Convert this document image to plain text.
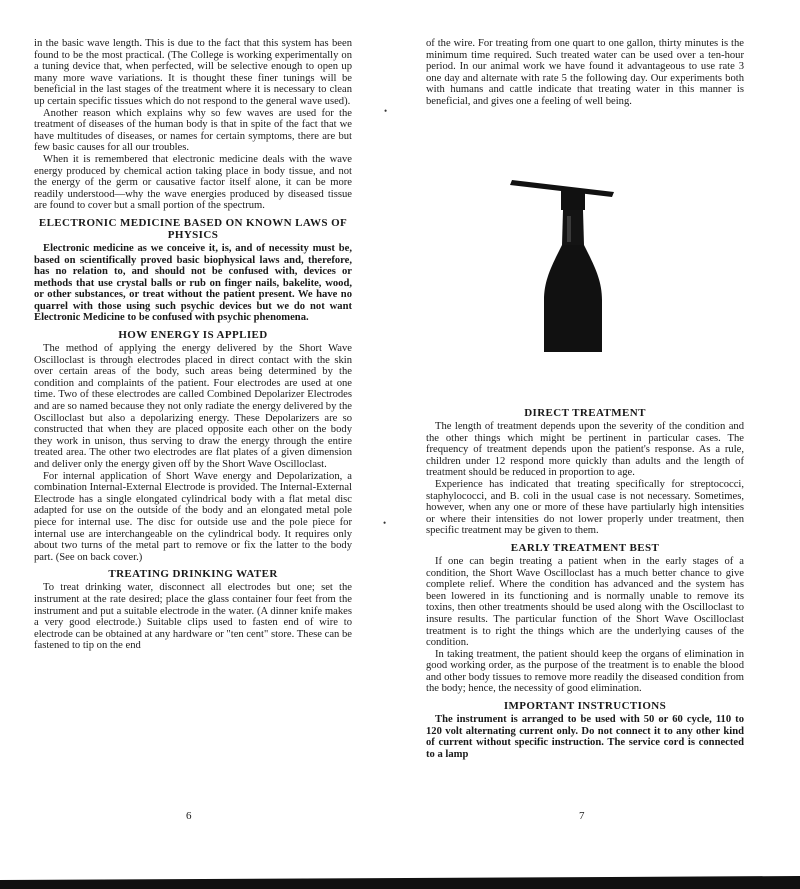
in the basic wave length. This is due to the fact that this system has been found to be the most practical. (The College is working experimentally on a tuning device that, when perfected, will be selective enough to open up many more wave variations. It is thought these finer tunings will be beneficial in the last stages of the treatment where it is necessary to clean up certain specific tissues which do not respond to the general wave used).

Another reason which explains why so few waves are used for the treatment of diseases of the human body is that in spite of the fact that we have multitudes of diseases, or names for certain symptoms, there are but few basic causes for all our troubles.

When it is remembered that electronic medicine deals with the wave energy produced by chemical action taking place in body tissue, and not the energy of the germ or causative factor itself alone, it can be more readily understood—why the wave energies produced by diseased tissue are found to cover but a small portion of the spectrum.

ELECTRONIC MEDICINE BASED ON KNOWN LAWS OF PHYSICS

Electronic medicine as we conceive it, is, and of necessity must be, based on scientifically proved basic biophysical laws and, therefore, has no relation to, and should not be confused with, devices or methods that use crystal balls or rub on finger nails, bakelite, wood, or other substances, or treat without the patient present. We have no quarrel with those using such psychic devices but we do not want Electronic Medicine to be confused with psychic phenomena.

HOW ENERGY IS APPLIED

The method of applying the energy delivered by the Short Wave Oscilloclast is through electrodes placed in direct contact with the skin over certain areas of the body, such areas being determined by the condition and complaints of the patient. Four electrodes are used at one time. Two of these electrodes are called Combined Depolarizer Electrodes and are so named because they not only radiate the energy delivered by the Oscilloclast but also a depolarizing energy. These Depolarizers are so constructed that when they are placed opposite each other on the body they work in unison, thus serving to draw the energy through the entire treated area. The other two electrodes are flat plates of a given dimension and deliver only the energy given off by the Short Wave Oscilloclast.

For internal application of Short Wave energy and Depolarization, a combination Internal-External Electrode is provided. The Internal-External Electrode has a single elongated cylindrical body with a flat metal disc adapted for use on the outside of the body and an elongated metal pole piece for internal use. The disc for outside use and the pole piece for internal use are interchangeable on the cylindrical body. It requires only about two turns of the metal part to remove or fix the latter to the body part. (See on back cover.)

TREATING DRINKING WATER

To treat drinking water, disconnect all electrodes but one; set the instrument at the rate desired; place the glass container four feet from the instrument and put a suitable electrode in the water. (A dinner knife makes a very good electrode.) Suitable clips used to fasten end of wire to electrode can be obtained at any hardware or "ten cent" store. These can be fastened to tip on the end

6

of the wire. For treating from one quart to one gallon, thirty minutes is the minimum time required. Such treated water can be used over a ten-hour period. In our animal work we have found it advantageous to use rate 3 one day and alternate with rate 5 the following day. Our experiments both with humans and cattle indicate that treating water in this manner is beneficial, and gives one a feeling of well being.

DIRECT TREATMENT

The length of treatment depends upon the severity of the condition and the other things which might be pertinent in particular cases. The frequency of treatment depends upon the patient's response. As a rule, children under 12 respond more quickly than adults and the length of treatment should be reduced in proportion to age.

Experience has indicated that treating specifically for streptococci, staphylococci, and B. coli in the usual case is not necessary. Sometimes, however, when any one or more of these have partiularly high intensities or where their intensities do not lower properly under treatment, then specific treatment may be given to them.

EARLY TREATMENT BEST

If one can begin treating a patient when in the early stages of a condition, the Short Wave Oscilloclast has a much better chance to give complete relief. Where the condition has advanced and the system has been lowered in its functioning and is normally unable to remove its toxins, then other treatments should be used along with the Oscilloclast to insure results. The particular function of the Short Wave Oscilloclast treatment is to right the things which are the underlying causes of the condition.

In taking treatment, the patient should keep the organs of elimination in good working order, as the purpose of the treatment is to enable the blood and other body tissues to remove more readily the diseased condition from the body; hence, the necessity of good elimination.

IMPORTANT INSTRUCTIONS

The instrument is arranged to be used with 50 or 60 cycle, 110 to 120 volt alternating current only. Do not connect it to any other kind of current without specific instruction. The service cord is connected to a lamp

7
•
•
